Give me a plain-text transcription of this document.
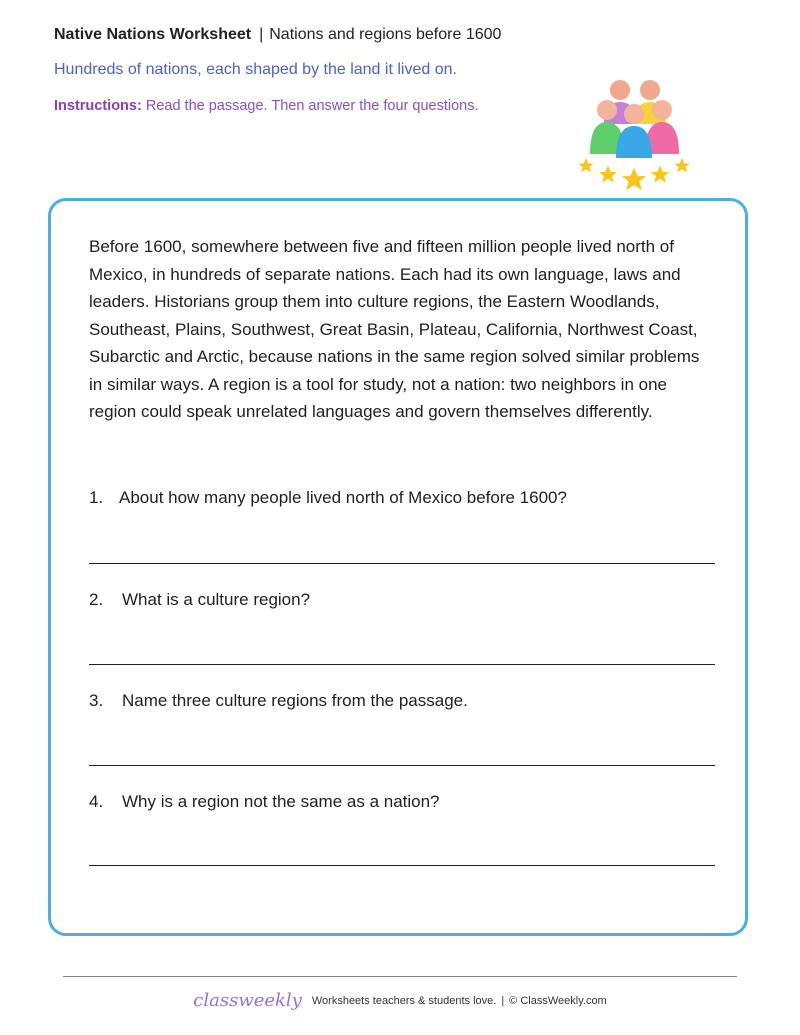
Native Nations Worksheet | Nations and regions before 1600
Hundreds of nations, each shaped by the land it lived on.
Instructions: Read the passage. Then answer the four questions.

Before 1600, somewhere between five and fifteen million people lived north of Mexico, in hundreds of separate nations. Each had its own language, laws and leaders. Historians group them into culture regions, the Eastern Woodlands, Southeast, Plains, Southwest, Great Basin, Plateau, California, Northwest Coast, Subarctic and Arctic, because nations in the same region solved similar problems in similar ways. A region is a tool for study, not a nation: two neighbors in one region could speak unrelated languages and govern themselves differently.

1. About how many people lived north of Mexico before 1600?
2. What is a culture region?
3. Name three culture regions from the passage.
4. Why is a region not the same as a nation?
classweekly Worksheets teachers & students love. | © ClassWeekly.com
